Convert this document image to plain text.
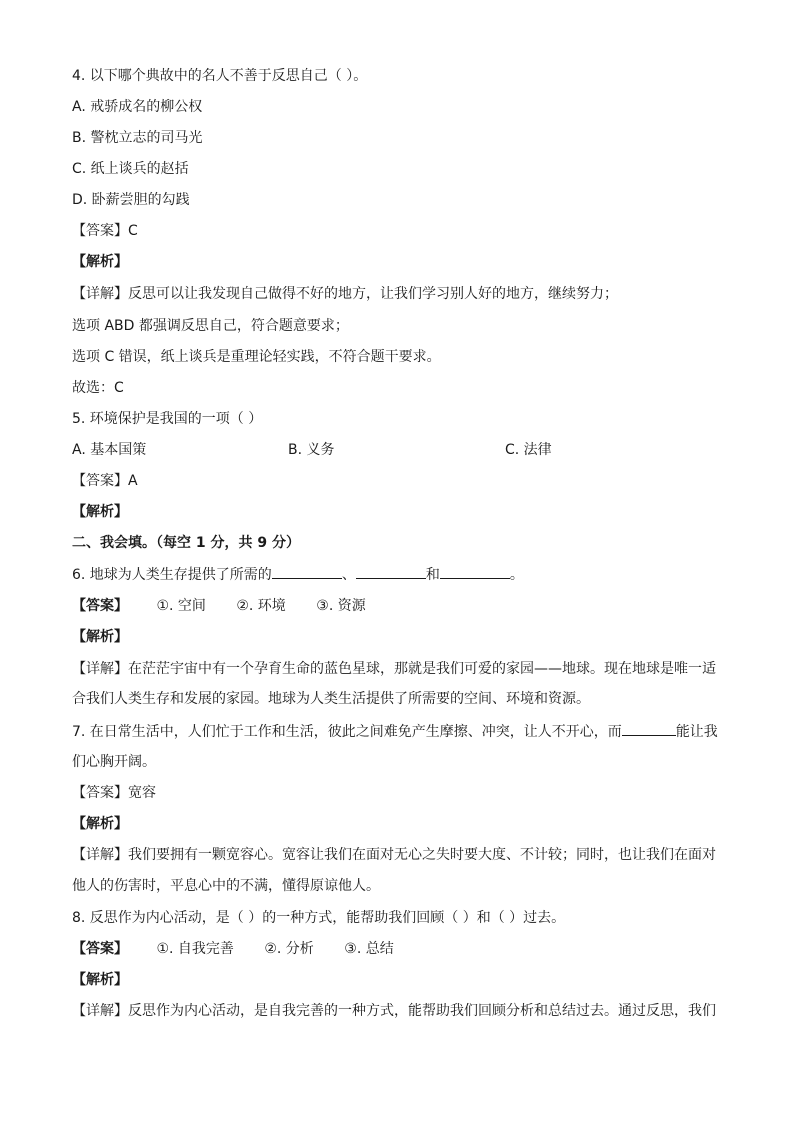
4. 以下哪个典故中的名人不善于反思自己（ ）。
A. 戒骄成名的柳公权
B. 警枕立志的司马光
C. 纸上谈兵的赵括
D. 卧薪尝胆的勾践
【答案】C
【解析】
【详解】反思可以让我发现自己做得不好的地方，让我们学习别人好的地方，继续努力；
选项 ABD 都强调反思自己，符合题意要求；
选项 C 错误，纸上谈兵是重理论轻实践，不符合题干要求。
故选：C
5. 环境保护是我国的一项（ ）
A. 基本国策	B. 义务	C. 法律
【答案】A
【解析】
二、我会填。（每空 1 分，共 9 分）
6. 地球为人类生存提供了所需的	、	和	。
【答案】 ①. 空间 ②. 环境 ③. 资源
【解析】
【详解】在茫茫宇宙中有一个孕育生命的蓝色星球，那就是我们可爱的家园——地球。现在地球是唯一适
合我们人类生存和发展的家园。地球为人类生活提供了所需要的空间、环境和资源。
7. 在日常生活中，人们忙于工作和生活，彼此之间难免产生摩擦、冲突，让人不开心，而	能让我
们心胸开阔。
【答案】宽容
【解析】
【详解】我们要拥有一颗宽容心。宽容让我们在面对无心之失时要大度、不计较；同时，也让我们在面对
他人的伤害时，平息心中的不满，懂得原谅他人。
8. 反思作为内心活动，是（ ）的一种方式，能帮助我们回顾（ ）和（ ）过去。
【答案】 ①. 自我完善 ②. 分析 ③. 总结
【解析】
【详解】反思作为内心活动，是自我完善的一种方式，能帮助我们回顾分析和总结过去。通过反思，我们
